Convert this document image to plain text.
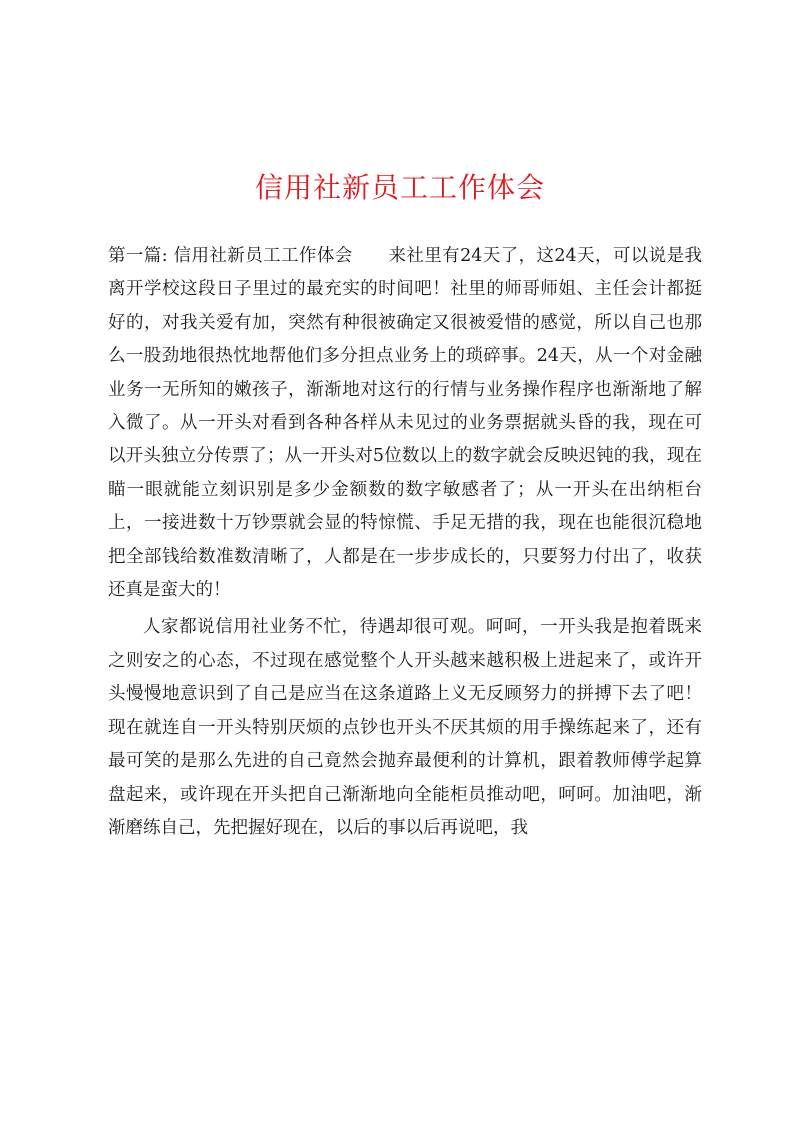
信用社新员工工作体会

第一篇: 信用社新员工工作体会　　来社里有24天了，这24天，可以说是我离开学校这段日子里过的最充实的时间吧！社里的师哥师姐、主任会计都挺好的，对我关爱有加，突然有种很被确定又很被爱惜的感觉，所以自己也那么一股劲地很热忱地帮他们多分担点业务上的琐碎事。24天，从一个对金融业务一无所知的嫩孩子，渐渐地对这行的行情与业务操作程序也渐渐地了解入微了。从一开头对看到各种各样从未见过的业务票据就头昏的我，现在可以开头独立分传票了；从一开头对5位数以上的数字就会反映迟钝的我，现在瞄一眼就能立刻识别是多少金额数的数字敏感者了；从一开头在出纳柜台上，一接进数十万钞票就会显的特惊慌、手足无措的我，现在也能很沉稳地把全部钱给数准数清晰了，人都是在一步步成长的，只要努力付出了，收获还真是蛮大的！

人家都说信用社业务不忙，待遇却很可观。呵呵，一开头我是抱着既来之则安之的心态，不过现在感觉整个人开头越来越积极上进起来了，或许开头慢慢地意识到了自己是应当在这条道路上义无反顾努力的拼搏下去了吧！现在就连自一开头特别厌烦的点钞也开头不厌其烦的用手操练起来了，还有最可笑的是那么先进的自己竟然会抛弃最便利的计算机，跟着教师傅学起算盘起来，或许现在开头把自己渐渐地向全能柜员推动吧，呵呵。加油吧，渐渐磨练自己，先把握好现在，以后的事以后再说吧，我
